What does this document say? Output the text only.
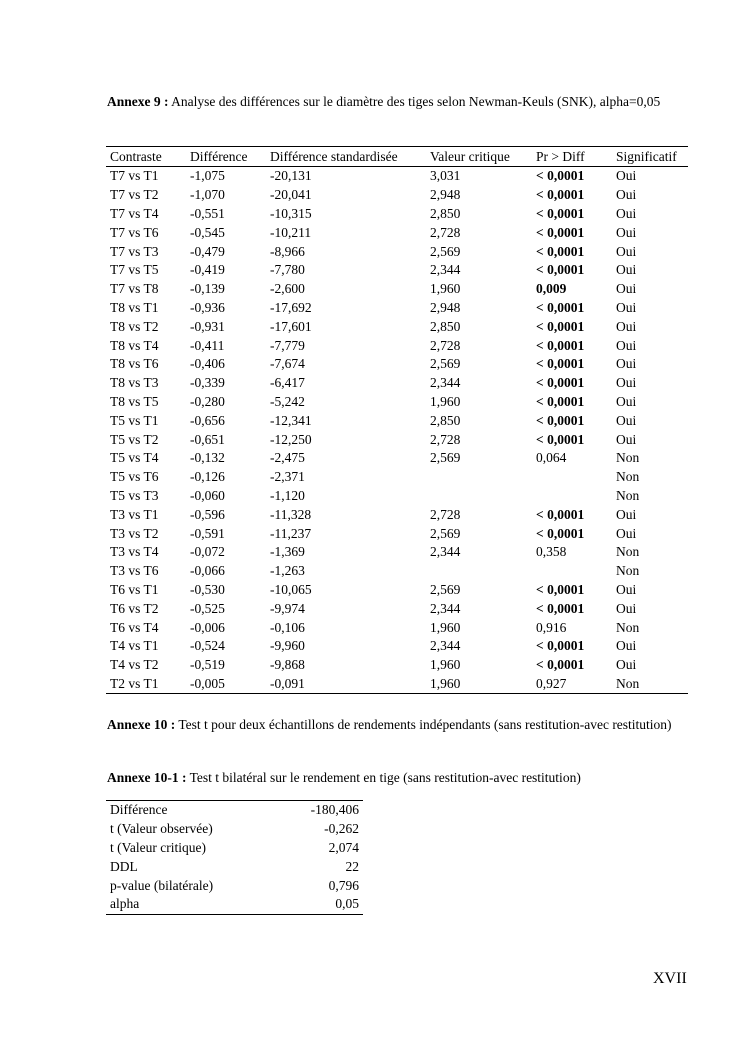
Annexe 9 : Analyse des différences sur le diamètre des tiges selon Newman-Keuls (SNK), alpha=0,05
Contraste	Différence	Différence standardisée	Valeur critique	Pr > Diff	Significatif
T7 vs T1	-1,075	-20,131	3,031	< 0,0001	Oui
T7 vs T2	-1,070	-20,041	2,948	< 0,0001	Oui
T7 vs T4	-0,551	-10,315	2,850	< 0,0001	Oui
T7 vs T6	-0,545	-10,211	2,728	< 0,0001	Oui
T7 vs T3	-0,479	-8,966	2,569	< 0,0001	Oui
T7 vs T5	-0,419	-7,780	2,344	< 0,0001	Oui
T7 vs T8	-0,139	-2,600	1,960	0,009	Oui
T8 vs T1	-0,936	-17,692	2,948	< 0,0001	Oui
T8 vs T2	-0,931	-17,601	2,850	< 0,0001	Oui
T8 vs T4	-0,411	-7,779	2,728	< 0,0001	Oui
T8 vs T6	-0,406	-7,674	2,569	< 0,0001	Oui
T8 vs T3	-0,339	-6,417	2,344	< 0,0001	Oui
T8 vs T5	-0,280	-5,242	1,960	< 0,0001	Oui
T5 vs T1	-0,656	-12,341	2,850	< 0,0001	Oui
T5 vs T2	-0,651	-12,250	2,728	< 0,0001	Oui
T5 vs T4	-0,132	-2,475	2,569	0,064	Non
T5 vs T6	-0,126	-2,371			Non
T5 vs T3	-0,060	-1,120			Non
T3 vs T1	-0,596	-11,328	2,728	< 0,0001	Oui
T3 vs T2	-0,591	-11,237	2,569	< 0,0001	Oui
T3 vs T4	-0,072	-1,369	2,344	0,358	Non
T3 vs T6	-0,066	-1,263			Non
T6 vs T1	-0,530	-10,065	2,569	< 0,0001	Oui
T6 vs T2	-0,525	-9,974	2,344	< 0,0001	Oui
T6 vs T4	-0,006	-0,106	1,960	0,916	Non
T4 vs T1	-0,524	-9,960	2,344	< 0,0001	Oui
T4 vs T2	-0,519	-9,868	1,960	< 0,0001	Oui
T2 vs T1	-0,005	-0,091	1,960	0,927	Non
Annexe 10 : Test t pour deux échantillons de rendements indépendants (sans restitution-avec restitution)
Annexe 10-1 : Test t bilatéral sur le rendement en tige (sans restitution-avec restitution)
Différence	-180,406
t (Valeur observée)	-0,262
t (Valeur critique)	2,074
DDL	22
p-value (bilatérale)	0,796
alpha	0,05
XVII
